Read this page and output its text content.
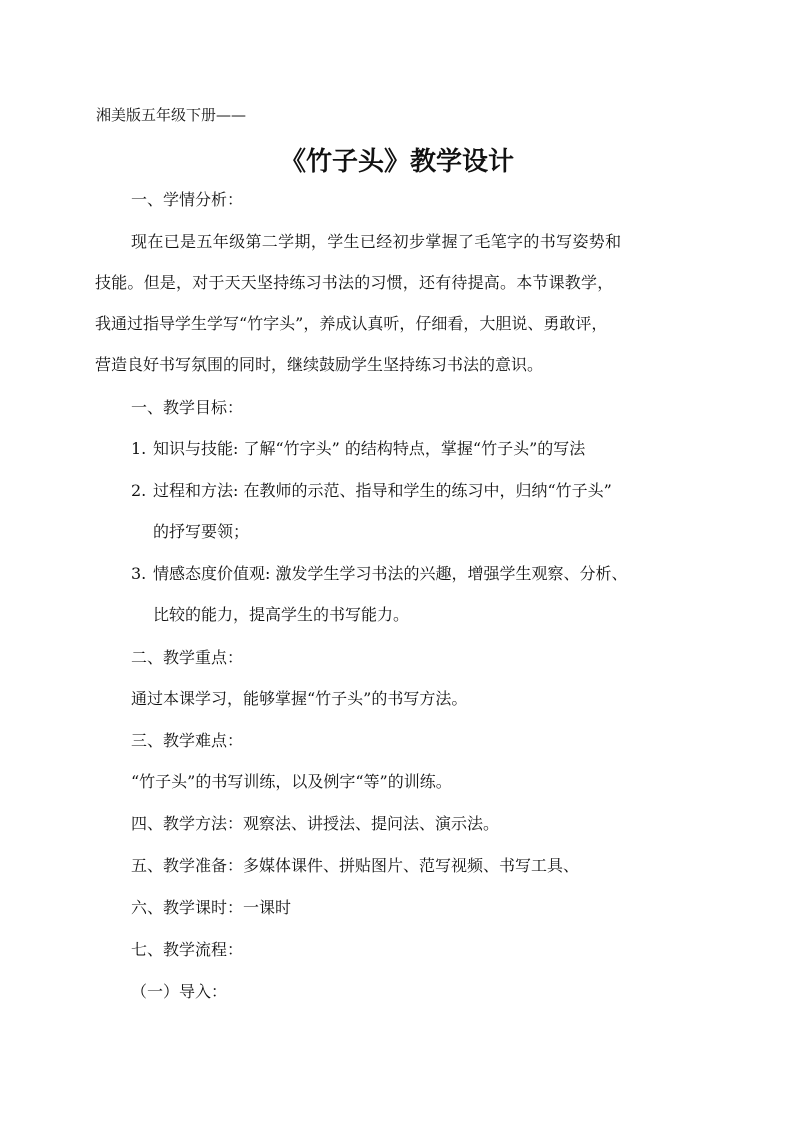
湘美版五年级下册——
《竹子头》教学设计
一、学情分析：
现在已是五年级第二学期，学生已经初步掌握了毛笔字的书写姿势和
技能。但是，对于天天坚持练习书法的习惯，还有待提高。本节课教学，
我通过指导学生学写“竹字头”，养成认真听，仔细看，大胆说、勇敢评，
营造良好书写氛围的同时，继续鼓励学生坚持练习书法的意识。
一、教学目标：
1. 知识与技能: 了解“竹字头” 的结构特点，掌握“竹子头”的写法
2. 过程和方法: 在教师的示范、指导和学生的练习中，归纳“竹子头”
的抒写要领；
3. 情感态度价值观: 激发学生学习书法的兴趣，增强学生观察、分析、
比较的能力，提高学生的书写能力。
二、教学重点：
通过本课学习，能够掌握“竹子头”的书写方法。
三、教学难点：
“竹子头”的书写训练，以及例字“等”的训练。
四、教学方法：观察法、讲授法、提问法、演示法。
五、教学准备：多媒体课件、拼贴图片、范写视频、书写工具、
六、教学课时：一课时
七、教学流程：
（一）导入：
